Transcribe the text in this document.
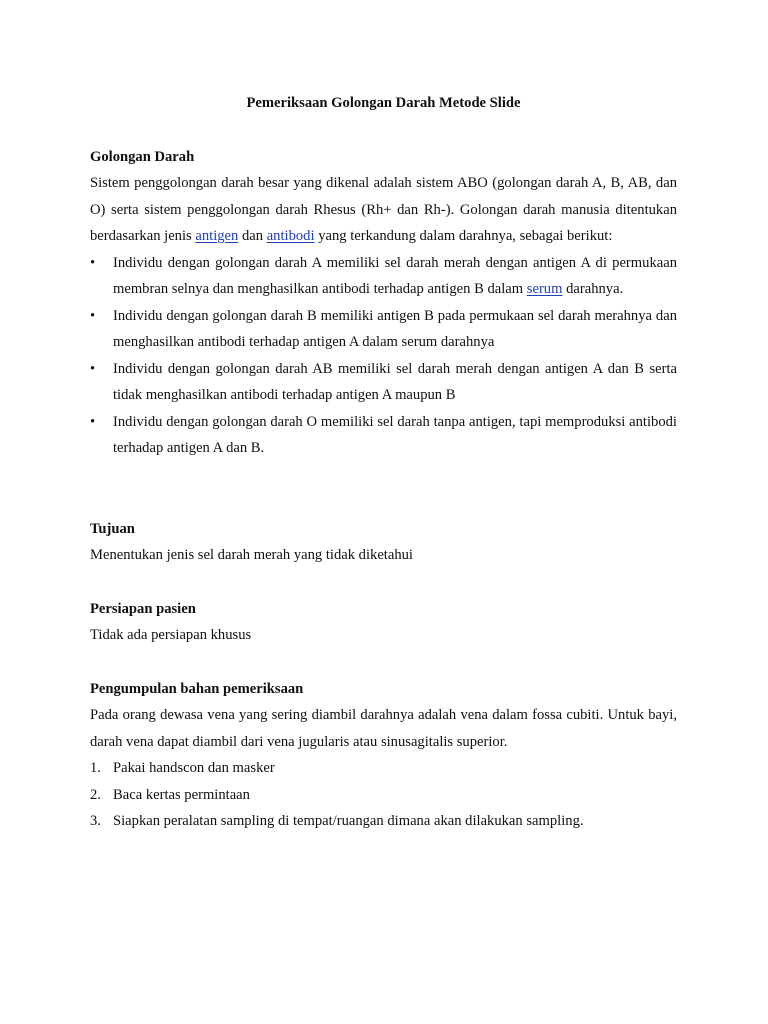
Pemeriksaan Golongan Darah Metode Slide

Golongan Darah

Sistem penggolongan darah besar yang dikenal adalah sistem ABO (golongan darah A, B, AB, dan O) serta sistem penggolongan darah Rhesus (Rh+ dan Rh-). Golongan darah manusia ditentukan berdasarkan jenis antigen dan antibodi yang terkandung dalam darahnya, sebagai berikut:

• Individu dengan golongan darah A memiliki sel darah merah dengan antigen A di permukaan membran selnya dan menghasilkan antibodi terhadap antigen B dalam serum darahnya.
• Individu dengan golongan darah B memiliki antigen B pada permukaan sel darah merahnya dan menghasilkan antibodi terhadap antigen A dalam serum darahnya
• Individu dengan golongan darah AB memiliki sel darah merah dengan antigen A dan B serta tidak menghasilkan antibodi terhadap antigen A maupun B
• Individu dengan golongan darah O memiliki sel darah tanpa antigen, tapi memproduksi antibodi terhadap antigen A dan B.

Tujuan

Menentukan jenis sel darah merah yang tidak diketahui

Persiapan pasien

Tidak ada persiapan khusus

Pengumpulan bahan pemeriksaan

Pada orang dewasa vena yang sering diambil darahnya adalah vena dalam fossa cubiti. Untuk bayi, darah vena dapat diambil dari vena jugularis atau sinusagitalis superior.

1. Pakai handscon dan masker
2. Baca kertas permintaan
3. Siapkan peralatan sampling di tempat/ruangan dimana akan dilakukan sampling.
